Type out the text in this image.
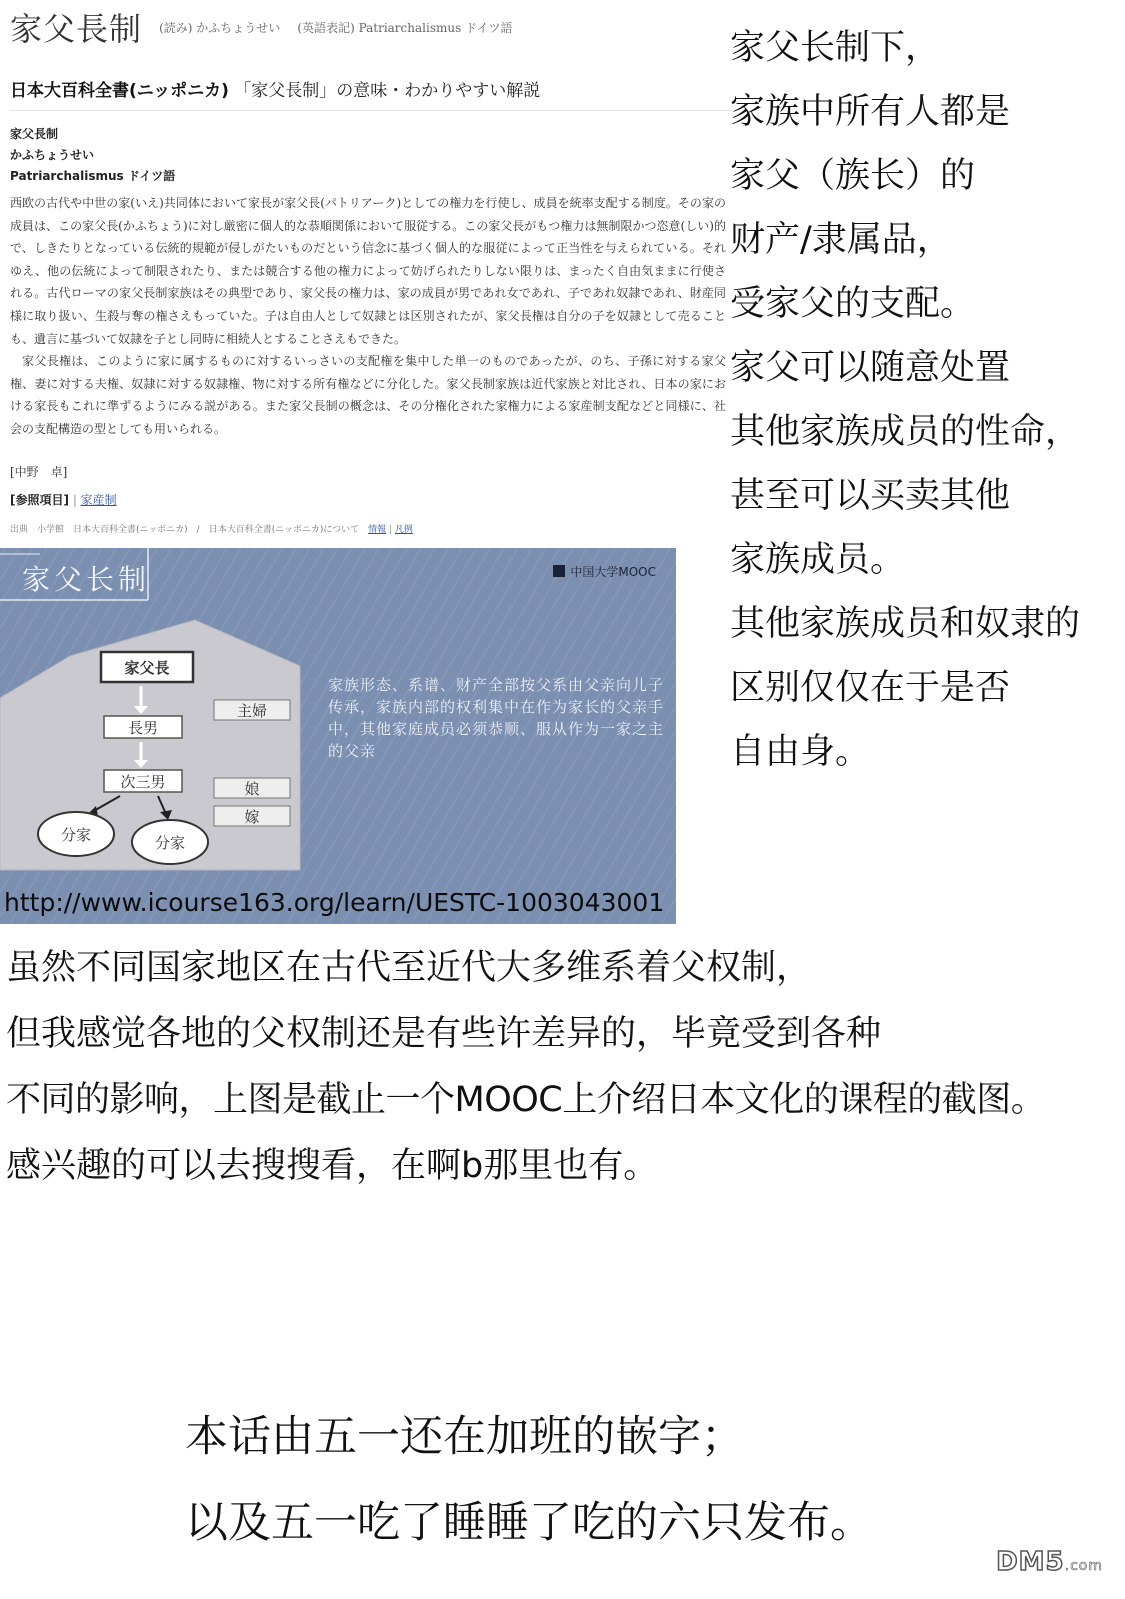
家父長制 (読み) かふちょうせい (英語表記) Patriarchalismus ドイツ語
日本大百科全書(ニッポニカ) 「家父長制」の意味・わかりやすい解説
家父長制
かふちょうせい
Patriarchalismus ドイツ語

西欧の古代や中世の家(いえ)共同体において家長が家父長(パトリアーク)としての権力を行使し、成員を統率支配する制度。その家の成員は、この家父長(かふちょう)に対し厳密に個人的な恭順関係において服従する。この家父長がもつ権力は無制限かつ恣意(しい)的で、しきたりとなっている伝統的規範が侵しがたいものだという信念に基づく個人的な服従によって正当性を与えられている。それゆえ、他の伝統によって制限されたり、または競合する他の権力によって妨げられたりしない限りは、まったく自由気ままに行使される。古代ローマの家父長制家族はその典型であり、家父長の権力は、家の成員が男であれ女であれ、子であれ奴隷であれ、財産同様に取り扱い、生殺与奪の権さえもっていた。子は自由人として奴隷とは区別されたが、家父長権は自分の子を奴隷として売ることも、遺言に基づいて奴隷を子とし同時に相続人とすることさえもできた。

家父長権は、このように家に属するものに対するいっさいの支配権を集中した単一のものであったが、のち、子孫に対する家父権、妻に対する夫権、奴隷に対する奴隷権、物に対する所有権などに分化した。家父長制家族は近代家族と対比され、日本の家における家長もこれに準ずるようにみる説がある。また家父長制の概念は、その分権化された家権力による家産制支配などと同様に、社会の支配構造の型としても用いられる。

[中野　卓]
[参照項目] | 家産制
出典　小学館　日本大百科全書(ニッポニカ)　/　日本大百科全書(ニッポニカ)について 情報 | 凡例
家父长制下，
家族中所有人都是
家父（族长）的
财产/隶属品，
受家父的支配。
家父可以随意处置
其他家族成员的性命，
甚至可以买卖其他
家族成员。
其他家族成员和奴隶的
区别仅仅在于是否
自由身。
家父長
長男
次三男
主婦
娘
嫁
分家	分家
家父长制	中国大学MOOC
家族形态、系谱、财产全部按父系由父亲向儿子传承，家族内部的权利集中在作为家长的父亲手中，其他家庭成员必须恭顺、服从作为一家之主的父亲
http://www.icourse163.org/learn/UESTC-1003043001
虽然不同国家地区在古代至近代大多维系着父权制，
但我感觉各地的父权制还是有些许差异的，毕竟受到各种
不同的影响，上图是截止一个MOOC上介绍日本文化的课程的截图。
感兴趣的可以去搜搜看，在啊b那里也有。
本话由五一还在加班的嵌字；
以及五一吃了睡睡了吃的六只发布。
DM5.com
